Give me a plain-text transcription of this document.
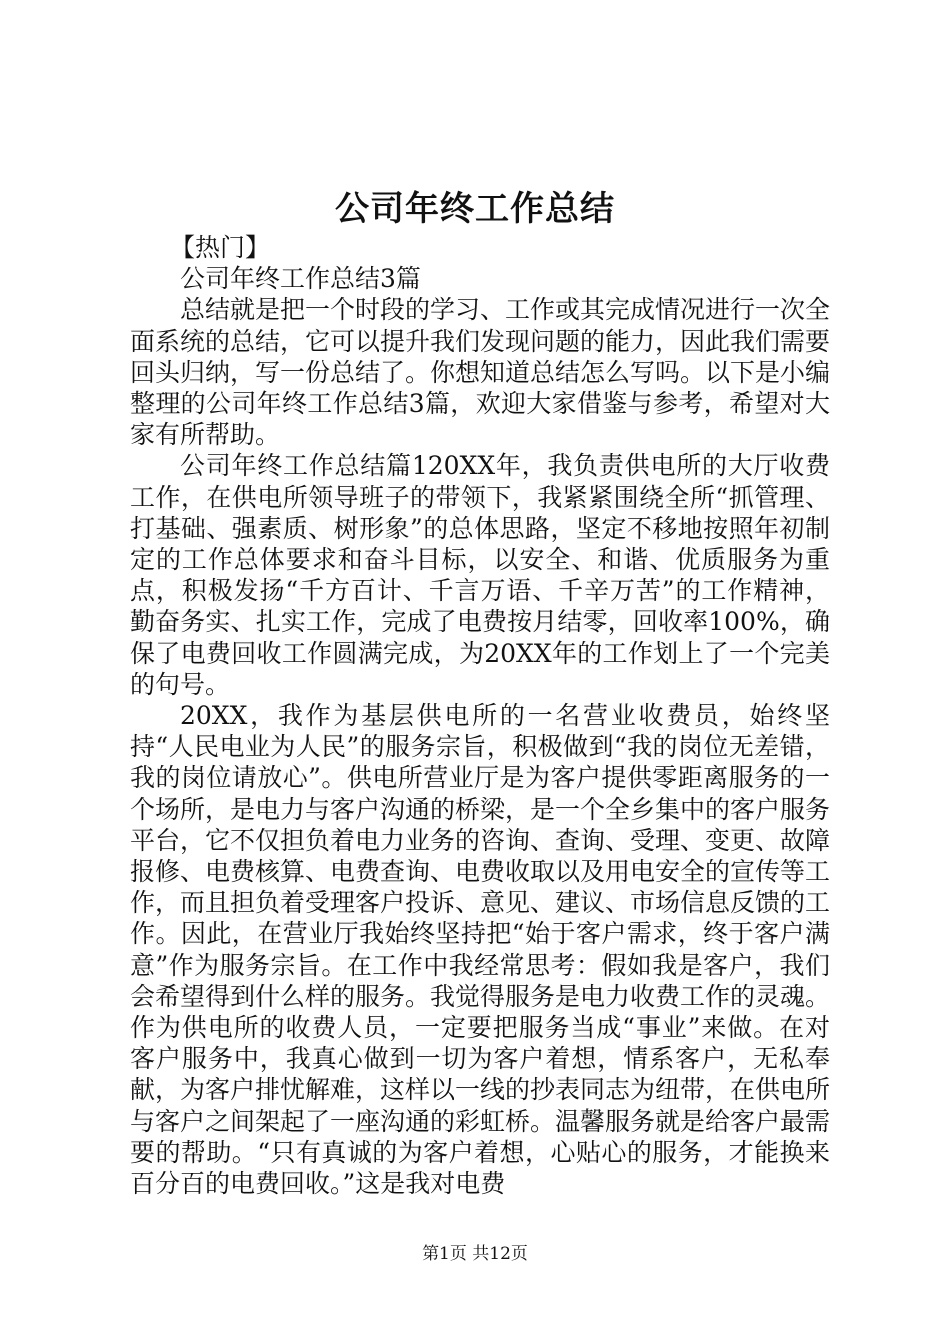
公司年终工作总结

【热门】

公司年终工作总结3篇

总结就是把一个时段的学习、工作或其完成情况进行一次全面系统的总结，它可以提升我们发现问题的能力，因此我们需要回头归纳，写一份总结了。你想知道总结怎么写吗。以下是小编整理的公司年终工作总结3篇，欢迎大家借鉴与参考，希望对大家有所帮助。

公司年终工作总结篇120XX年，我负责供电所的大厅收费工作，在供电所领导班子的带领下，我紧紧围绕全所“抓管理、打基础、强素质、树形象”的总体思路，坚定不移地按照年初制定的工作总体要求和奋斗目标，以安全、和谐、优质服务为重点，积极发扬“千方百计、千言万语、千辛万苦”的工作精神，勤奋务实、扎实工作，完成了电费按月结零，回收率100%，确保了电费回收工作圆满完成，为20XX年的工作划上了一个完美的句号。

20XX，我作为基层供电所的一名营业收费员，始终坚持“人民电业为人民”的服务宗旨，积极做到“我的岗位无差错，我的岗位请放心”。供电所营业厅是为客户提供零距离服务的一个场所，是电力与客户沟通的桥梁，是一个全乡集中的客户服务平台，它不仅担负着电力业务的咨询、查询、受理、变更、故障报修、电费核算、电费查询、电费收取以及用电安全的宣传等工作，而且担负着受理客户投诉、意见、建议、市场信息反馈的工作。因此，在营业厅我始终坚持把“始于客户需求，终于客户满意”作为服务宗旨。在工作中我经常思考：假如我是客户，我们会希望得到什么样的服务。我觉得服务是电力收费工作的灵魂。作为供电所的收费人员，一定要把服务当成“事业”来做。在对客户服务中，我真心做到一切为客户着想，情系客户，无私奉献，为客户排忧解难，这样以一线的抄表同志为纽带，在供电所与客户之间架起了一座沟通的彩虹桥。温馨服务就是给客户最需要的帮助。“只有真诚的为客户着想，心贴心的服务，才能换来百分百的电费回收。”这是我对电费

第1页 共12页
